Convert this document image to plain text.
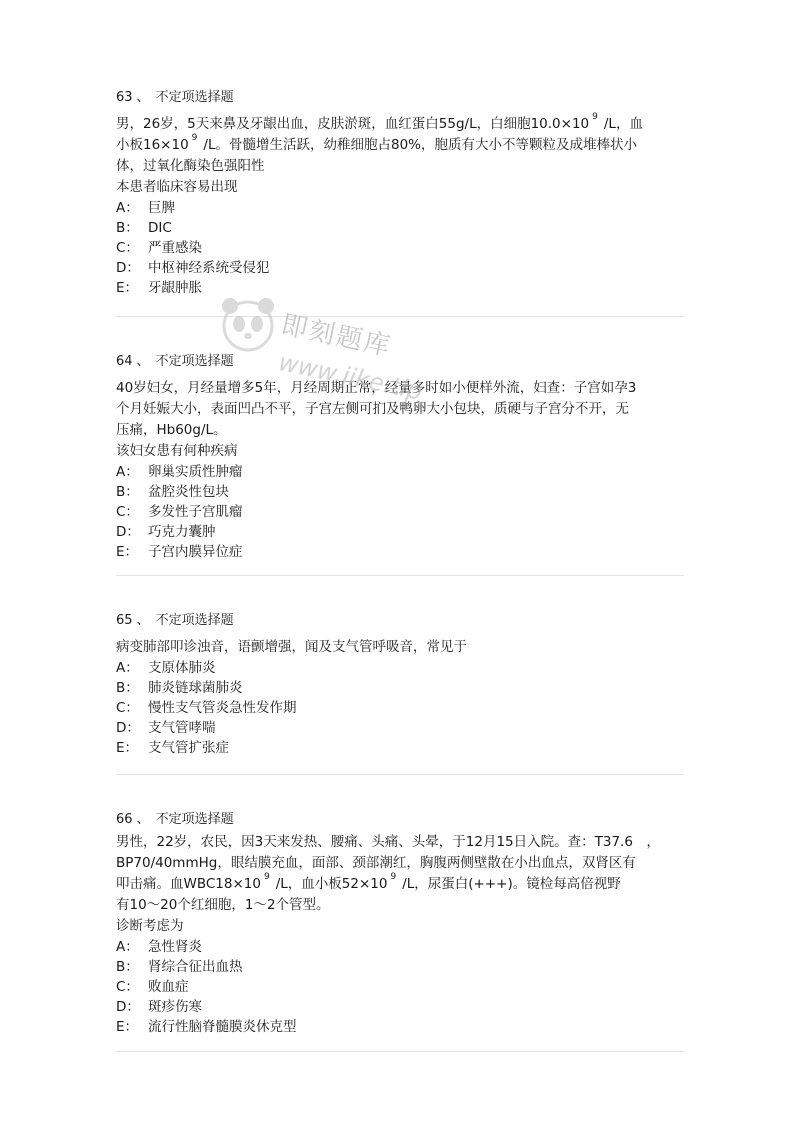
63 、 不定项选择题
男，26岁，5天来鼻及牙龈出血，皮肤淤斑，血红蛋白55g/L，白细胞10.0×10 $^9$ /L，血
小板16×10 $^9$ /L。骨髓增生活跃，幼稚细胞占80%，胞质有大小不等颗粒及成堆棒状小
体，过氧化酶染色强阳性
本患者临床容易出现
A： 巨脾
B： DIC
C： 严重感染
D： 中枢神经系统受侵犯
E： 牙龈肿胀
64 、 不定项选择题
40岁妇女，月经量增多5年，月经周期正常，经量多时如小便样外流，妇查：子宫如孕3
个月妊娠大小，表面凹凸不平，子宫左侧可扪及鸭卵大小包块，质硬与子宫分不开，无
压痛，Hb60g/L。
该妇女患有何种疾病
A： 卵巢实质性肿瘤
B： 盆腔炎性包块
C： 多发性子宫肌瘤
D： 巧克力囊肿
E： 子宫内膜异位症
65 、 不定项选择题
病变肺部叩诊浊音，语颤增强，闻及支气管呼吸音，常见于
A： 支原体肺炎
B： 肺炎链球菌肺炎
C： 慢性支气管炎急性发作期
D： 支气管哮喘
E： 支气管扩张症
66 、 不定项选择题
男性，22岁，农民，因3天来发热、腰痛、头痛、头晕，于12月15日入院。查：T37.6　，
BP70/40mmHg，眼结膜充血，面部、颈部潮红，胸腹两侧壁散在小出血点，双肾区有
叩击痛。血WBC18×10 $^9$ /L，血小板52×10 $^9$ /L，尿蛋白(+++)。镜检每高倍视野
有10～20个红细胞，1～2个管型。
诊断考虑为
A： 急性肾炎
B： 肾综合征出血热
C： 败血症
D： 斑疹伤寒
E： 流行性脑脊髓膜炎休克型
即刻题库
www.jike.tip
